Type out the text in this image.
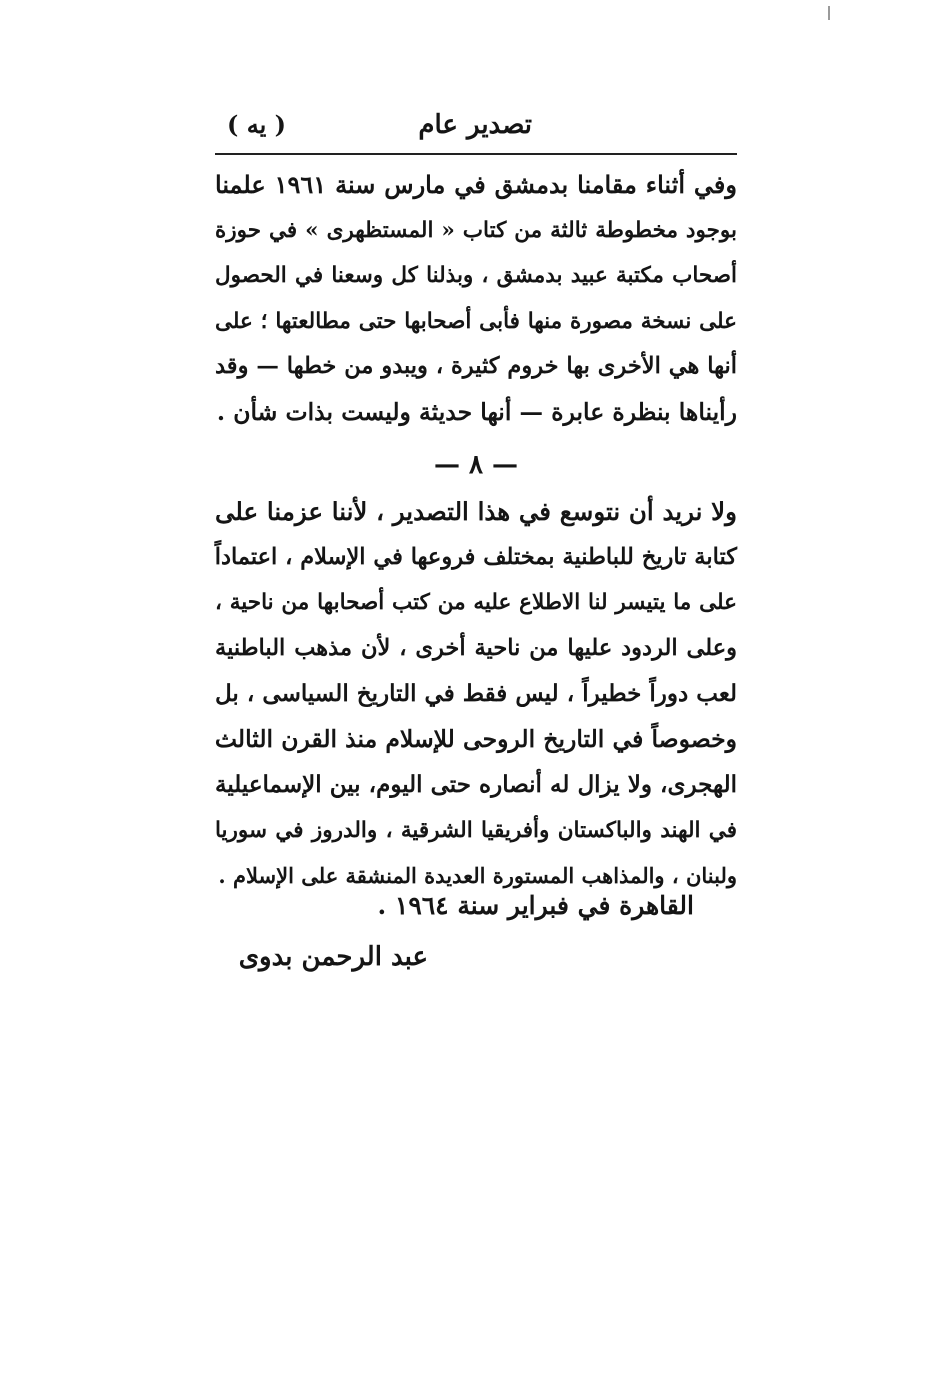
تصدير عام
( يه )
وفي أثناء مقامنا بدمشق في مارس سنة ١٩٦١ علمنا
بوجود مخطوطة ثالثة من كتاب « المستظهرى » في حوزة
أصحاب مكتبة عبيد بدمشق ، وبذلنا كل وسعنا في الحصول
على نسخة مصورة منها فأبى أصحابها حتى مطالعتها ؛ على
أنها هي الأخرى بها خروم كثيرة ، ويبدو من خطها — وقد
رأيناها بنظرة عابرة — أنها حديثة وليست بذات شأن .
— ٨ —
ولا نريد أن نتوسع في هذا التصدير ، لأننا عزمنا على
كتابة تاريخ للباطنية بمختلف فروعها في الإسلام ، اعتماداً
على ما يتيسر لنا الاطلاع عليه من كتب أصحابها من ناحية ،
وعلى الردود عليها من ناحية أخرى ، لأن مذهب الباطنية
لعب دوراً خطيراً ، ليس فقط في التاريخ السياسى ، بل
وخصوصاً في التاريخ الروحى للإسلام منذ القرن الثالث
الهجرى، ولا يزال له أنصاره حتى اليوم، بين الإسماعيلية
في الهند والباكستان وأفريقيا الشرقية ، والدروز في سوريا
ولبنان ، والمذاهب المستورة العديدة المنشقة على الإسلام .
القاهرة في فبراير سنة ١٩٦٤ .
عبد الرحمن بدوى
